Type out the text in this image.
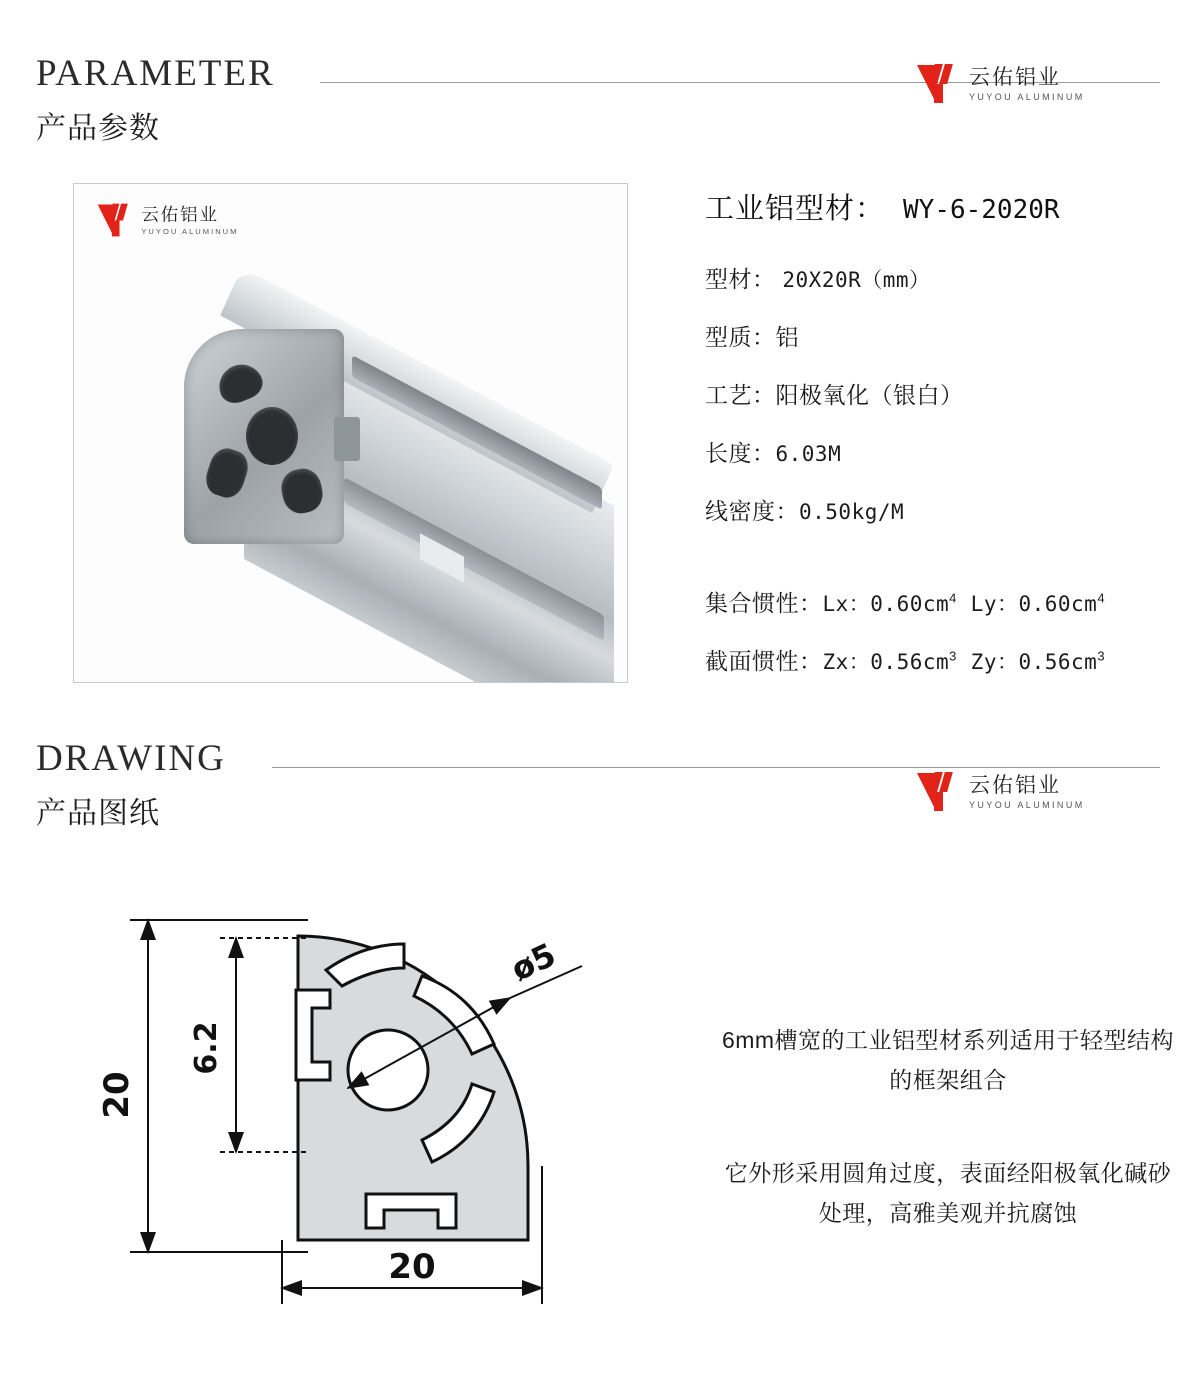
PARAMETER
产品参数
云佑铝业
YUYOU ALUMINUM
云佑铝业
YUYOU ALUMINUM
工业铝型材： WY-6-2020R
型材： 20X20R（mm）
型质：铝
工艺：阳极氧化（银白）
长度：6.03M
线密度：0.50kg/M
集合惯性：Lx：$0.60cm^4$ Ly：$0.60cm^4$
截面惯性：Zx：$0.56cm^3$ Zy：$0.56cm^3$
DRAWING
产品图纸
云佑铝业
YUYOU ALUMINUM
20
6.2
20
ø5

6mm槽宽的工业铝型材系列适用于轻型结构的框架组合

它外形采用圆角过度，表面经阳极氧化碱砂处理，高雅美观并抗腐蚀
